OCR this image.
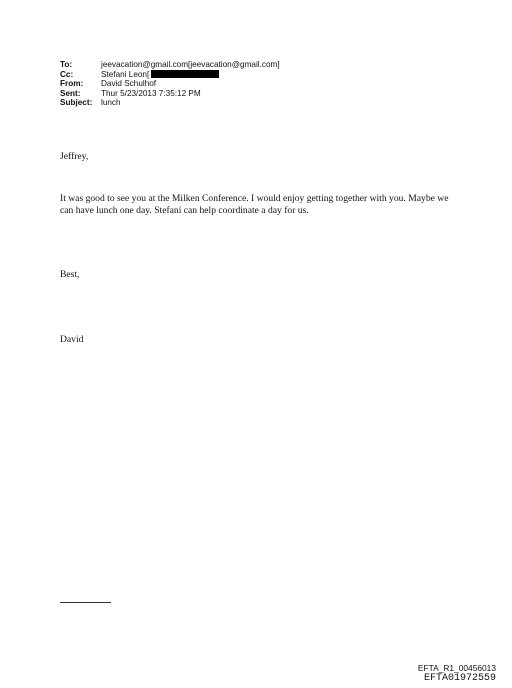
To:	jeevacation@gmail.com[jeevacation@gmail.com]
Cc:	Stefani Leon[
From:	David Schulhof
Sent:	Thur 5/23/2013 7:35:12 PM
Subject:	lunch

Jeffrey,

It was good to see you at the Milken Conference. I would enjoy getting together with you. Maybe we can have lunch one day. Stefani can help coordinate a day for us.

Best,

David

EFTA_R1_00456013
EFTA01972559
